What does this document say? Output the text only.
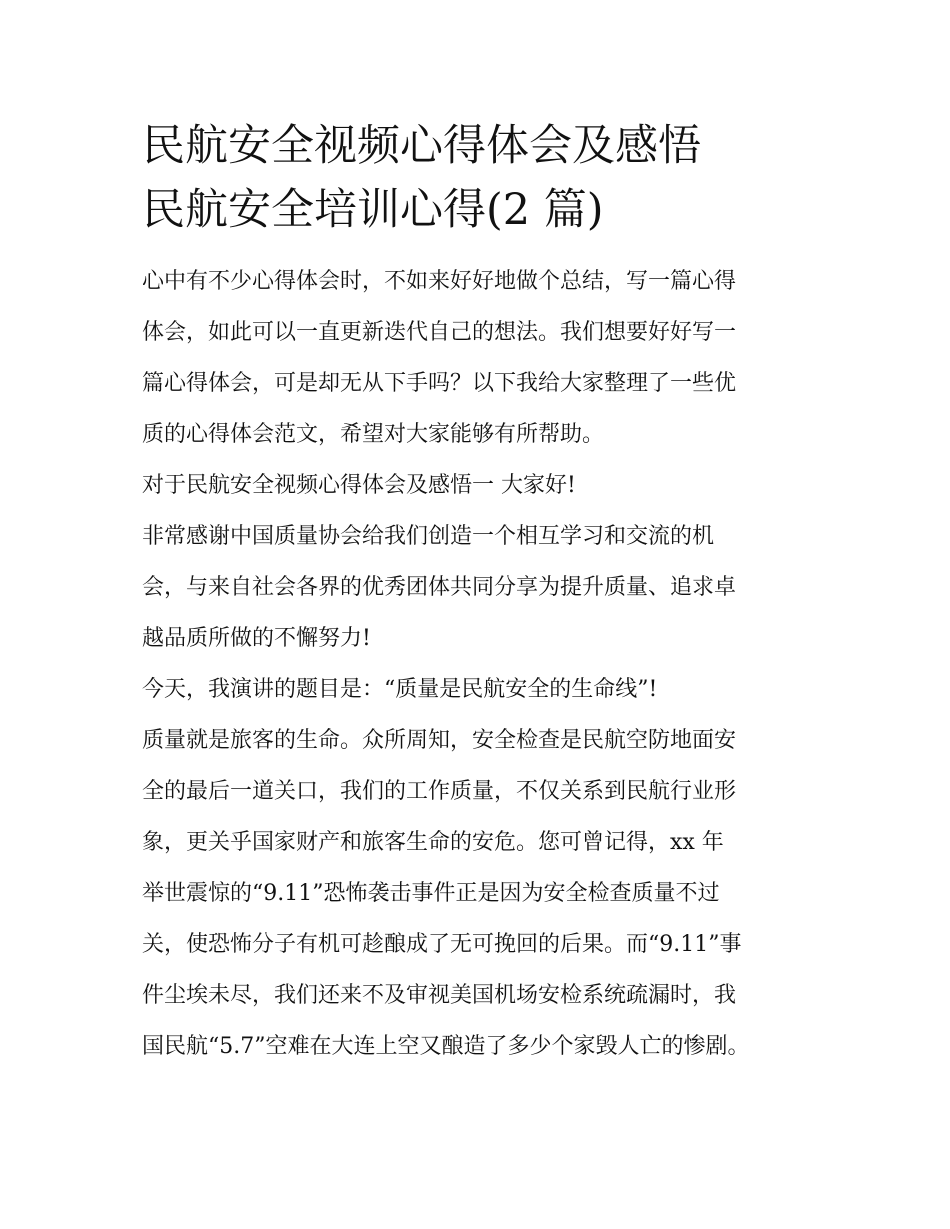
民航安全视频心得体会及感悟
民航安全培训心得(2 篇)

心中有不少心得体会时，不如来好好地做个总结，写一篇心得
体会，如此可以一直更新迭代自己的想法。我们想要好好写一
篇心得体会，可是却无从下手吗？以下我给大家整理了一些优
质的心得体会范文，希望对大家能够有所帮助。

对于民航安全视频心得体会及感悟一 大家好!

非常感谢中国质量协会给我们创造一个相互学习和交流的机
会，与来自社会各界的优秀团体共同分享为提升质量、追求卓
越品质所做的不懈努力!

今天，我演讲的题目是：“质量是民航安全的生命线”!

质量就是旅客的生命。众所周知，安全检查是民航空防地面安
全的最后一道关口，我们的工作质量，不仅关系到民航行业形
象，更关乎国家财产和旅客生命的安危。您可曾记得，xx 年
举世震惊的“9.11”恐怖袭击事件正是因为安全检查质量不过
关，使恐怖分子有机可趁酿成了无可挽回的后果。而“9.11”事
件尘埃未尽，我们还来不及审视美国机场安检系统疏漏时，我
国民航“5.7”空难在大连上空又酿造了多少个家毁人亡的惨剧。
